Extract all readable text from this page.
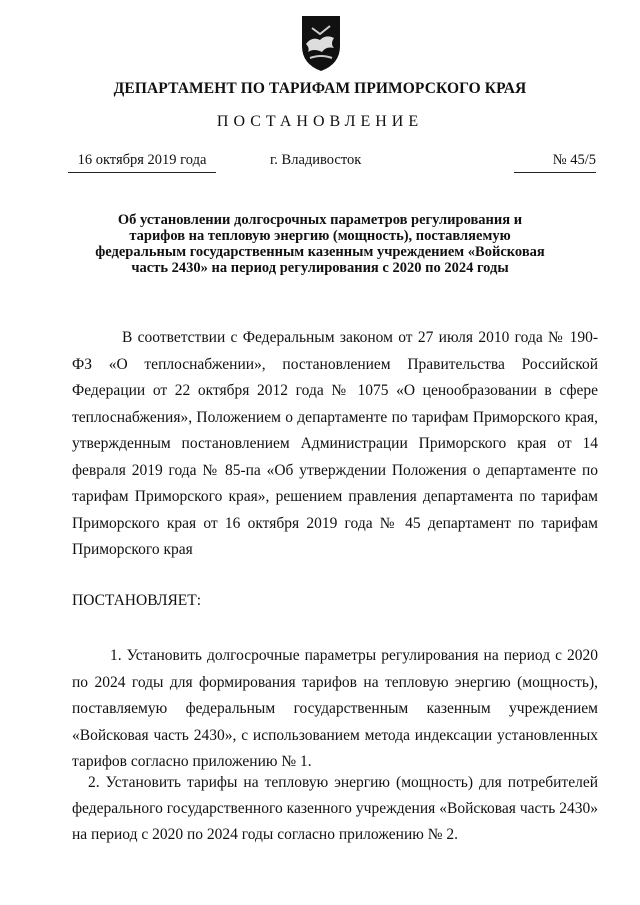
ДЕПАРТАМЕНТ ПО ТАРИФАМ ПРИМОРСКОГО КРАЯ
ПОСТАНОВЛЕНИЕ
16 октября 2019 года	г. Владивосток	№ 45/5
Об установлении долгосрочных параметров регулирования и тарифов на тепловую энергию (мощность), поставляемую федеральным государственным казенным учреждением «Войсковая часть 2430» на период регулирования с 2020 по 2024 годы

В соответствии с Федеральным законом от 27 июля 2010 года № 190-ФЗ «О теплоснабжении», постановлением Правительства Российской Федерации от 22 октября 2012 года № 1075 «О ценообразовании в сфере теплоснабжения», Положением о департаменте по тарифам Приморского края, утвержденным постановлением Администрации Приморского края от 14 февраля 2019 года № 85-па «Об утверждении Положения о департаменте по тарифам Приморского края», решением правления департамента по тарифам Приморского края от 16 октября 2019 года № 45 департамент по тарифам Приморского края

ПОСТАНОВЛЯЕТ:

1. Установить долгосрочные параметры регулирования на период с 2020 по 2024 годы для формирования тарифов на тепловую энергию (мощность), поставляемую федеральным государственным казенным учреждением «Войсковая часть 2430», с использованием метода индексации установленных тарифов согласно приложению № 1.

2. Установить тарифы на тепловую энергию (мощность) для потребителей федерального государственного казенного учреждения «Войсковая часть 2430» на период с 2020 по 2024 годы согласно приложению № 2.
